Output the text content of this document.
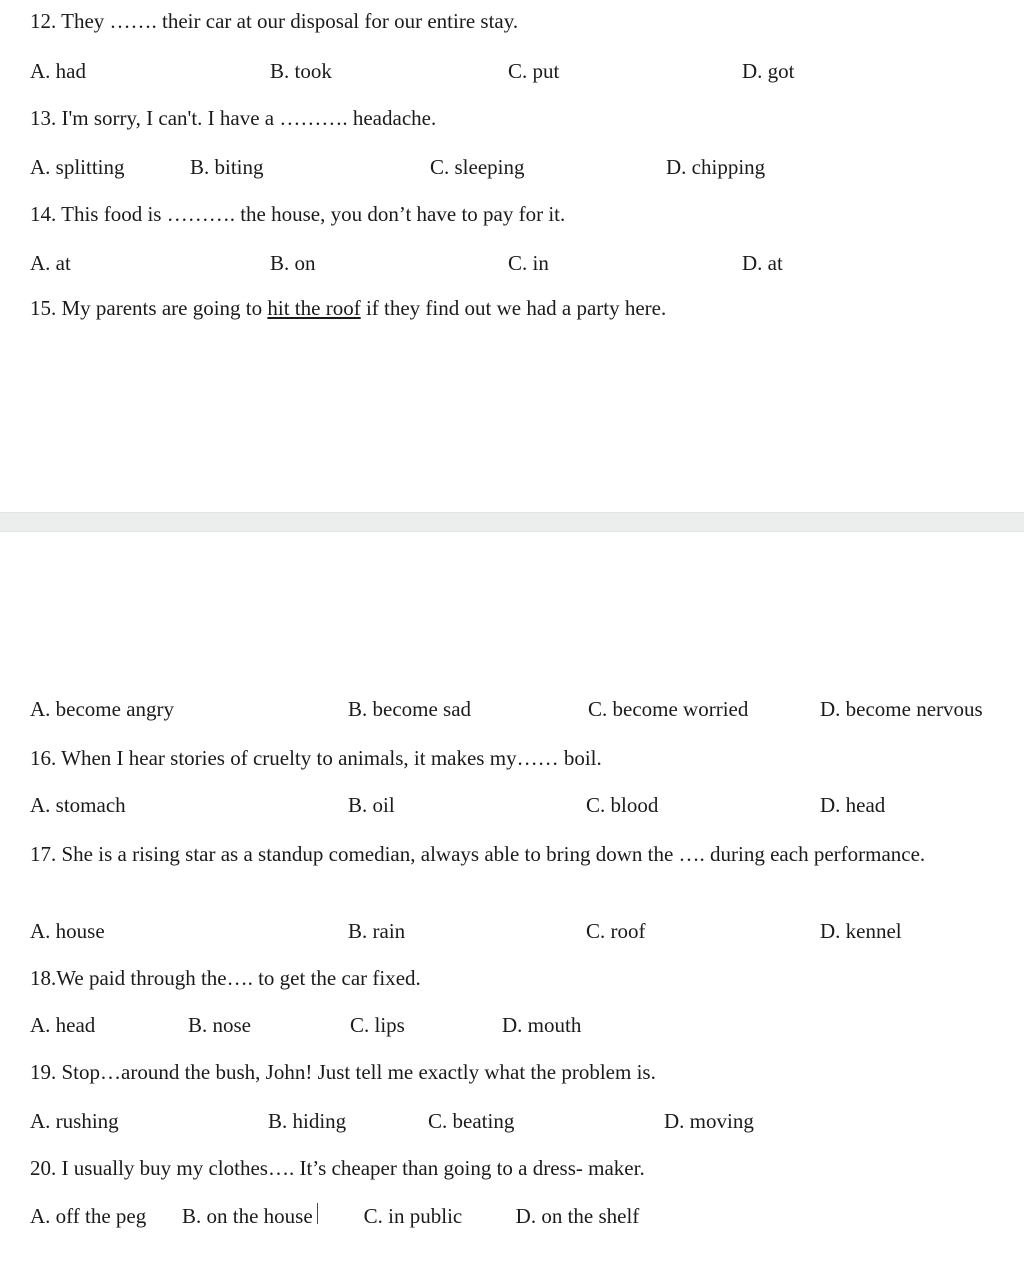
12. They ……. their car at our disposal for our entire stay.

A. had	B. took	C. put	D. got

13. I'm sorry, I can't. I have a ………. headache.

A. splitting	B. biting	C. sleeping	D. chipping

14. This food is ………. the house, you don’t have to pay for it.

A. at	B. on	C. in	D. at

15. My parents are going to hit the roof if they find out we had a party here.

A. become angry	B. become sad	C. become worried	D. become nervous

16. When I hear stories of cruelty to animals, it makes my…… boil.

A. stomach	B. oil	C. blood	D. head

17. She is a rising star as a standup comedian, always able to bring down the …. during each performance.

A. house	B. rain	C. roof	D. kennel

18.We paid through the…. to get the car fixed.

A. head	B. nose	C. lips	D. mouth

19. Stop…around the bush, John! Just tell me exactly what the problem is.

A. rushing	B. hiding	C. beating	D. moving

20. I usually buy my clothes…. It’s cheaper than going to a dress- maker.

A. off the peg	B. on the house C. in public	D. on the shelf
